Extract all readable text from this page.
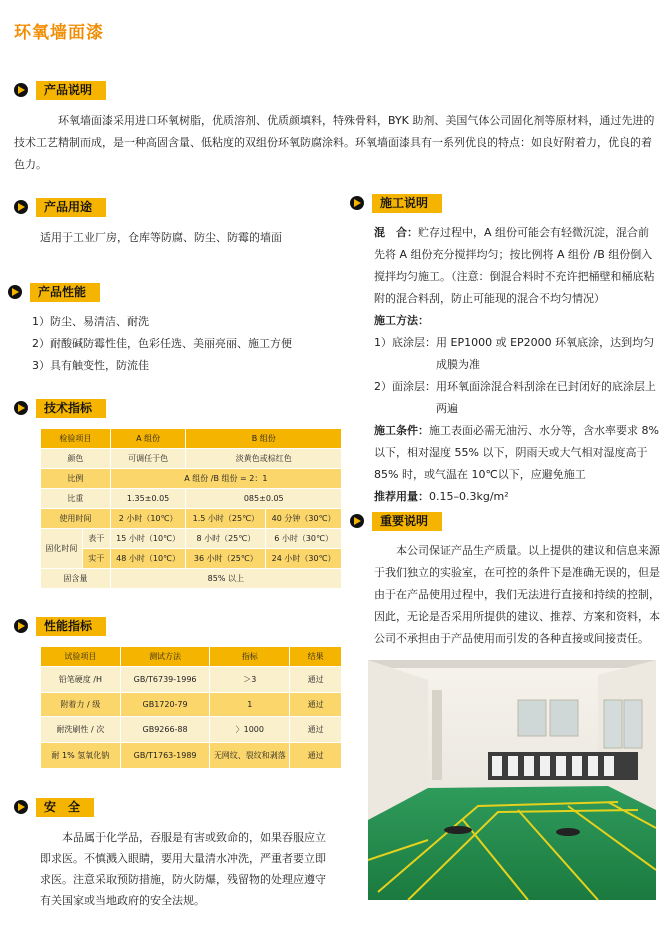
环氧墙面漆
产品说明

环氧墙面漆采用进口环氧树脂，优质溶剂、优质颜填料，特殊骨料，BYK 助剂、美国气体公司固化剂等原材料，通过先进的技术工艺精制而成，是一种高固含量、低粘度的双组份环氧防腐涂料。环氧墙面漆具有一系列优良的特点：如良好附着力，优良的着色力。

产品用途

适用于工业厂房，仓库等防腐、防尘、防霉的墙面

产品性能
1）防尘、易清洁、耐洗
2）耐酸碱防霉性佳，色彩任选、美丽亮丽、施工方便
3）具有触变性，防流佳
技术指标
检验项目		A 组份	B 组份	
颜色		可调任于色	淡黄色或棕红色	
比例		A 组份 /B 组份 = 2：1		
比重		1.35±0.05	085±0.05	
使用时间		2 小时（10℃）	1.5 小时（25℃）	40 分钟（30℃）
固化时间	表干	15 小时（10℃）	8 小时（25℃）	6 小时（30℃）
	实干	48 小时（10℃）	36 小时（25℃）	24 小时（30℃）
固含量		85% 以上		
性能指标
试验项目	测试方法	指标	结果
铅笔硬度 /H	GB/T6739-1996	＞3	通过
附着力 / 级	GB1720-79	1	通过
耐洗刷性 / 次	GB9266-88	〉1000	通过
耐 1% 氢氧化钠	GB/T1763-1989	无网纹、裂纹和剥落	通过
安　全

本品属于化学品，吞服是有害或致命的，如果吞服应立即求医。不慎溅入眼睛，要用大量清水冲洗，严重者要立即求医。注意采取预防措施，防火防爆，残留物的处理应遵守有关国家或当地政府的安全法规。

施工说明

混　合：贮存过程中，A 组份可能会有轻微沉淀，混合前先将 A 组份充分搅拌均匀；按比例将 A 组份 /B 组份倒入搅拌均匀施工。（注意：倒混合料时不充许把桶壁和桶底粘附的混合料刮，防止可能现的混合不均匀情况）

施工方法：

1）底涂层： 用 EP1000 或 EP2000 环氧底涂，达到均匀成膜为准
2）面涂层： 用环氧面涂混合料刮涂在已封闭好的底涂层上两遍

施工条件：施工表面必需无油污、水分等，含水率要求 8% 以下，相对湿度 55% 以下，阴雨天或大气相对湿度高于 85% 时，或气温在 10℃以下，应避免施工

推荐用量：0.15–0.3kg/m²

重要说明

本公司保证产品生产质量。以上提供的建议和信息来源于我们独立的实验室，在可控的条件下是准确无误的，但是由于在产品使用过程中，我们无法进行直接和持续的控制，因此，无论是否采用所提供的建议、推荐、方案和资料，本公司不承担由于产品使用而引发的各种直接或间接责任。
